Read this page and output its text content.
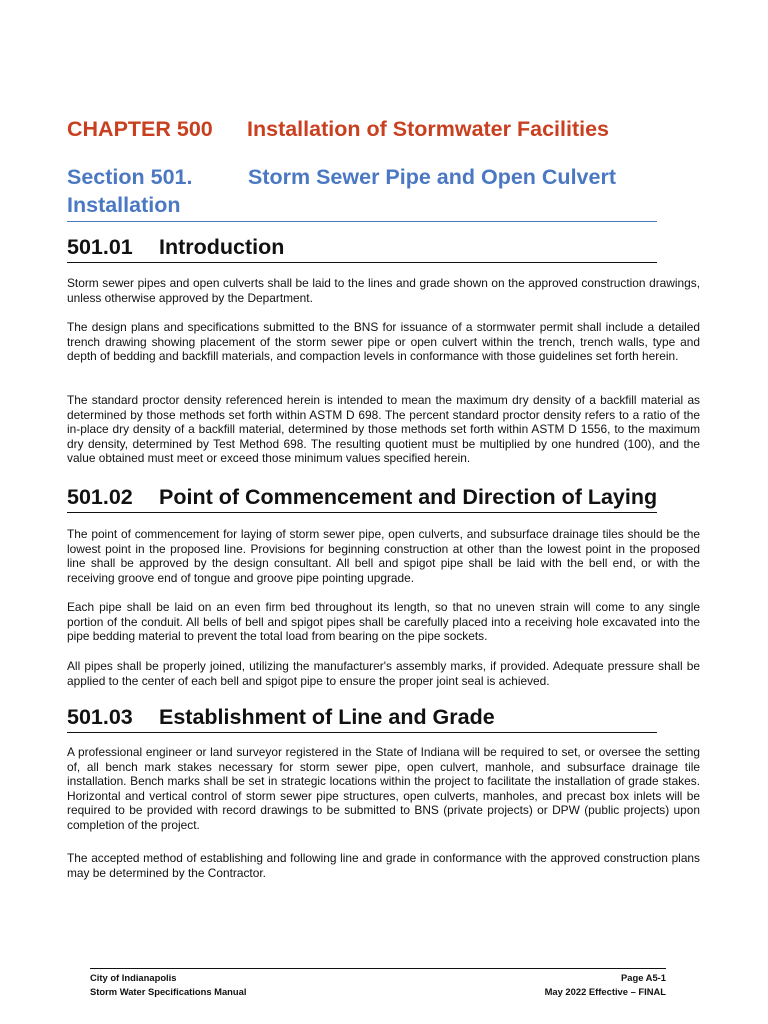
CHAPTER 500 Installation of Stormwater Facilities
Section 501.	Storm Sewer Pipe and Open Culvert Installation
501.01 Introduction

Storm sewer pipes and open culverts shall be laid to the lines and grade shown on the approved construction drawings, unless otherwise approved by the Department.

The design plans and specifications submitted to the BNS for issuance of a stormwater permit shall include a detailed trench drawing showing placement of the storm sewer pipe or open culvert within the trench, trench walls, type and depth of bedding and backfill materials, and compaction levels in conformance with those guidelines set forth herein.

The standard proctor density referenced herein is intended to mean the maximum dry density of a backfill material as determined by those methods set forth within ASTM D 698. The percent standard proctor density refers to a ratio of the in-place dry density of a backfill material, determined by those methods set forth within ASTM D 1556, to the maximum dry density, determined by Test Method 698. The resulting quotient must be multiplied by one hundred (100), and the value obtained must meet or exceed those minimum values specified herein.

501.02 Point of Commencement and Direction of Laying

The point of commencement for laying of storm sewer pipe, open culverts, and subsurface drainage tiles should be the lowest point in the proposed line. Provisions for beginning construction at other than the lowest point in the proposed line shall be approved by the design consultant. All bell and spigot pipe shall be laid with the bell end, or with the receiving groove end of tongue and groove pipe pointing upgrade.

Each pipe shall be laid on an even firm bed throughout its length, so that no uneven strain will come to any single portion of the conduit. All bells of bell and spigot pipes shall be carefully placed into a receiving hole excavated into the pipe bedding material to prevent the total load from bearing on the pipe sockets.

All pipes shall be properly joined, utilizing the manufacturer's assembly marks, if provided. Adequate pressure shall be applied to the center of each bell and spigot pipe to ensure the proper joint seal is achieved.

501.03 Establishment of Line and Grade

A professional engineer or land surveyor registered in the State of Indiana will be required to set, or oversee the setting of, all bench mark stakes necessary for storm sewer pipe, open culvert, manhole, and subsurface drainage tile installation. Bench marks shall be set in strategic locations within the project to facilitate the installation of grade stakes. Horizontal and vertical control of storm sewer pipe structures, open culverts, manholes, and precast box inlets will be required to be provided with record drawings to be submitted to BNS (private projects) or DPW (public projects) upon completion of the project.

The accepted method of establishing and following line and grade in conformance with the approved construction plans may be determined by the Contractor.

City of Indianapolis
Storm Water Specifications Manual
Page A5-1
May 2022 Effective – FINAL
